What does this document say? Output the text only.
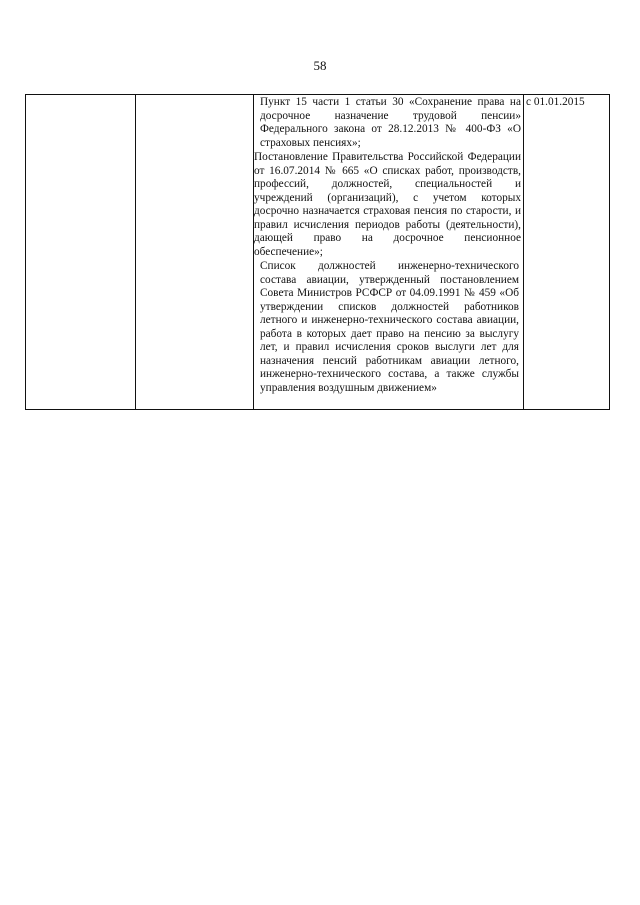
58

Пункт 15 части 1 статьи 30 «Сохранение права на досрочное назначение трудовой пенсии» Федерального закона от 28.12.2013 № 400-ФЗ «О страховых пенсиях»;
Постановление Правительства Российской Федерации от 16.07.2014 № 665 «О списках работ, производств, профессий, должностей, специальностей и учреждений (организаций), с учетом которых досрочно назначается страховая пенсия по старости, и правил исчисления периодов работы (деятельности), дающей право на досрочное пенсионное обеспечение»;
Список должностей инженерно-технического состава авиации, утвержденный постановлением Совета Министров РСФСР от 04.09.1991 № 459 «Об утверждении списков должностей работников летного и инженерно-технического состава авиации, работа в которых дает право на пенсию за выслугу лет, и правил исчисления сроков выслуги лет для назначения пенсий работникам авиации летного, инженерно-технического состава, а также службы управления воздушным движением»
	с 01.01.2015
